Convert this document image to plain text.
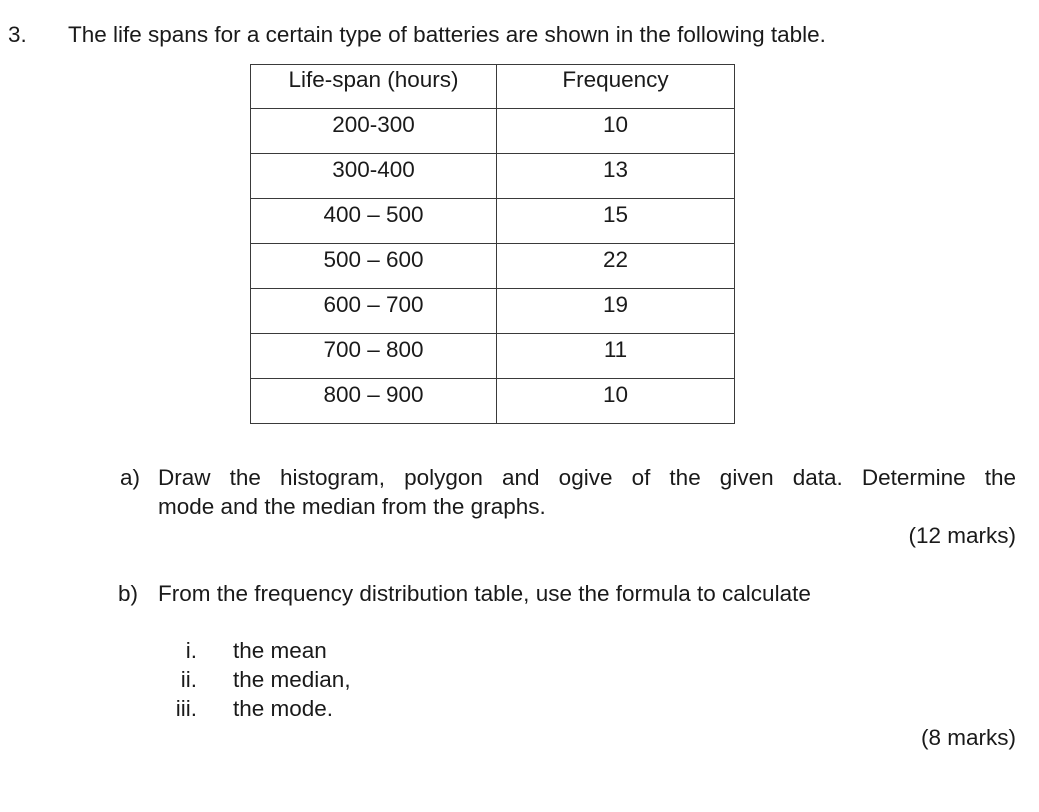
3. The life spans for a certain type of batteries are shown in the following table.
Life-span (hours)	Frequency
200-300	10
300-400	13
400 – 500	15
500 – 600	22
600 – 700	19
700 – 800	11
800 – 900	10
a) Draw the histogram, polygon and ogive of the given data. Determine the
mode and the median from the graphs.
(12 marks)
b) From the frequency distribution table, use the formula to calculate
i. the mean
ii. the median,
iii. the mode.
(8 marks)
